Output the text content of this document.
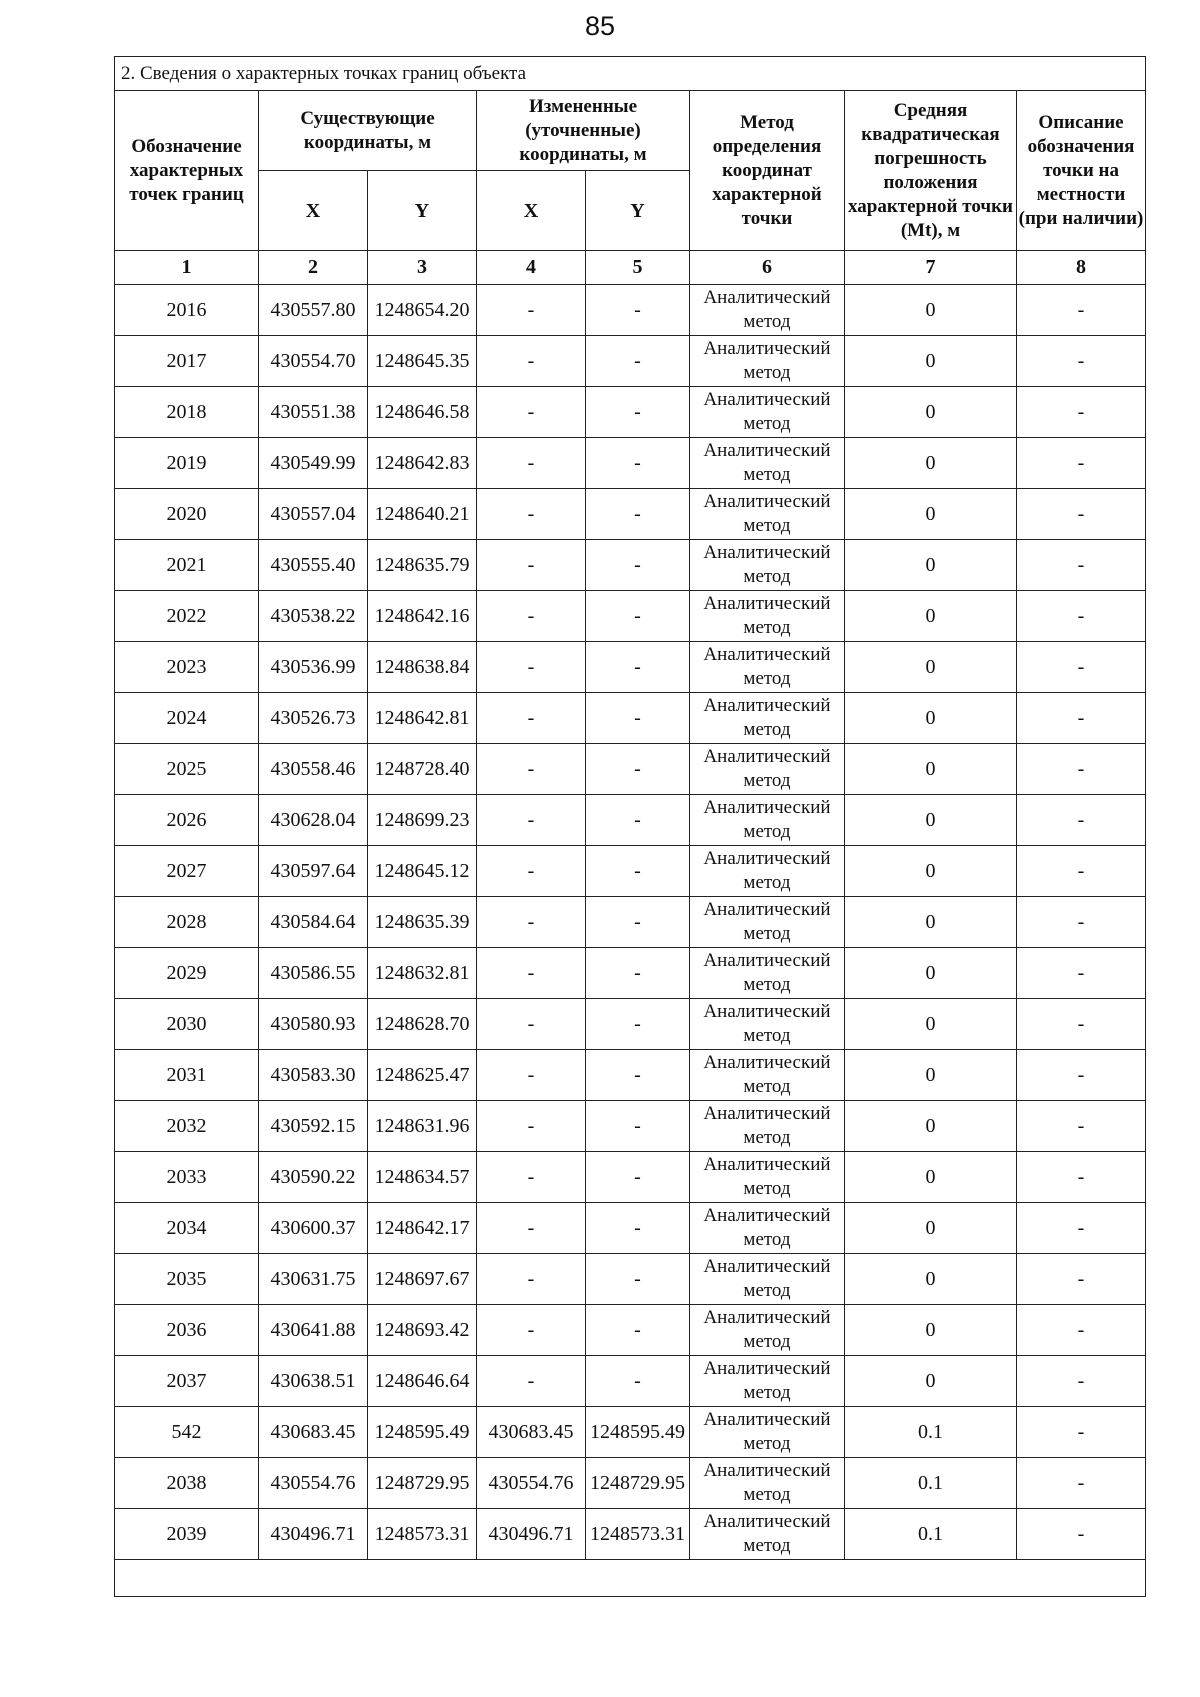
85
2. Сведения о характерных точках границ объекта							
Обозначение характерных точек границ	Существующие координаты, м		Измененные (уточненные) координаты, м		Метод определения координат характерной точки	Средняя квадратическая погрешность положения характерной точки (Mt), м	Описание обозначения точки на местности (при наличии)
	X	Y	X	Y			
1	2	3	4	5	6	7	8
2016	430557.80	1248654.20	-	-	Аналитический метод	0	-
2017	430554.70	1248645.35	-	-	Аналитический метод	0	-
2018	430551.38	1248646.58	-	-	Аналитический метод	0	-
2019	430549.99	1248642.83	-	-	Аналитический метод	0	-
2020	430557.04	1248640.21	-	-	Аналитический метод	0	-
2021	430555.40	1248635.79	-	-	Аналитический метод	0	-
2022	430538.22	1248642.16	-	-	Аналитический метод	0	-
2023	430536.99	1248638.84	-	-	Аналитический метод	0	-
2024	430526.73	1248642.81	-	-	Аналитический метод	0	-
2025	430558.46	1248728.40	-	-	Аналитический метод	0	-
2026	430628.04	1248699.23	-	-	Аналитический метод	0	-
2027	430597.64	1248645.12	-	-	Аналитический метод	0	-
2028	430584.64	1248635.39	-	-	Аналитический метод	0	-
2029	430586.55	1248632.81	-	-	Аналитический метод	0	-
2030	430580.93	1248628.70	-	-	Аналитический метод	0	-
2031	430583.30	1248625.47	-	-	Аналитический метод	0	-
2032	430592.15	1248631.96	-	-	Аналитический метод	0	-
2033	430590.22	1248634.57	-	-	Аналитический метод	0	-
2034	430600.37	1248642.17	-	-	Аналитический метод	0	-
2035	430631.75	1248697.67	-	-	Аналитический метод	0	-
2036	430641.88	1248693.42	-	-	Аналитический метод	0	-
2037	430638.51	1248646.64	-	-	Аналитический метод	0	-
542	430683.45	1248595.49	430683.45	1248595.49	Аналитический метод	0.1	-
2038	430554.76	1248729.95	430554.76	1248729.95	Аналитический метод	0.1	-
2039	430496.71	1248573.31	430496.71	1248573.31	Аналитический метод	0.1	-
